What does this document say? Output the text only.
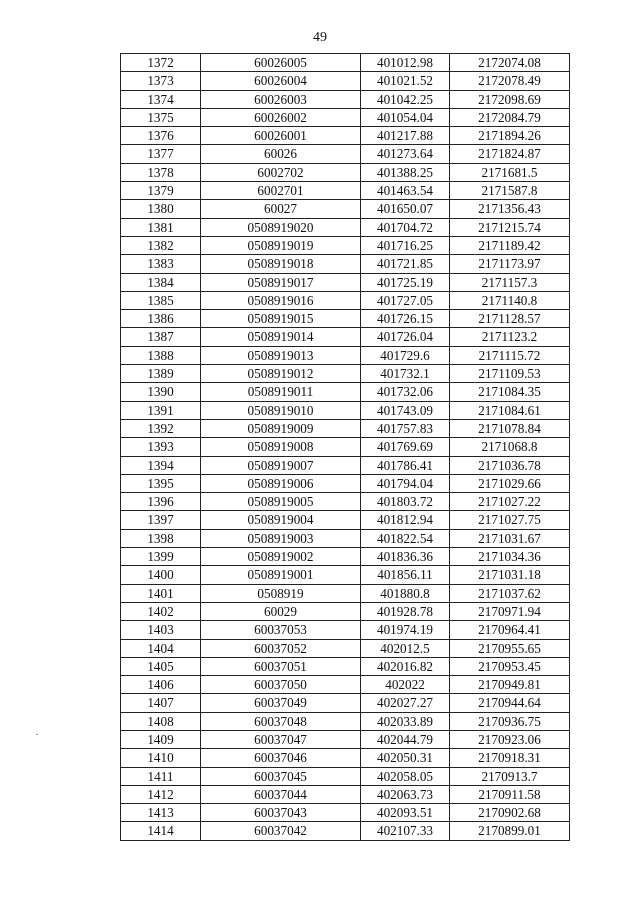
49
1372	60026005	401012.98	2172074.08
1373	60026004	401021.52	2172078.49
1374	60026003	401042.25	2172098.69
1375	60026002	401054.04	2172084.79
1376	60026001	401217.88	2171894.26
1377	60026	401273.64	2171824.87
1378	6002702	401388.25	2171681.5
1379	6002701	401463.54	2171587.8
1380	60027	401650.07	2171356.43
1381	0508919020	401704.72	2171215.74
1382	0508919019	401716.25	2171189.42
1383	0508919018	401721.85	2171173.97
1384	0508919017	401725.19	2171157.3
1385	0508919016	401727.05	2171140.8
1386	0508919015	401726.15	2171128.57
1387	0508919014	401726.04	2171123.2
1388	0508919013	401729.6	2171115.72
1389	0508919012	401732.1	2171109.53
1390	0508919011	401732.06	2171084.35
1391	0508919010	401743.09	2171084.61
1392	0508919009	401757.83	2171078.84
1393	0508919008	401769.69	2171068.8
1394	0508919007	401786.41	2171036.78
1395	0508919006	401794.04	2171029.66
1396	0508919005	401803.72	2171027.22
1397	0508919004	401812.94	2171027.75
1398	0508919003	401822.54	2171031.67
1399	0508919002	401836.36	2171034.36
1400	0508919001	401856.11	2171031.18
1401	0508919	401880.8	2171037.62
1402	60029	401928.78	2170971.94
1403	60037053	401974.19	2170964.41
1404	60037052	402012.5	2170955.65
1405	60037051	402016.82	2170953.45
1406	60037050	402022	2170949.81
1407	60037049	402027.27	2170944.64
1408	60037048	402033.89	2170936.75
1409	60037047	402044.79	2170923.06
1410	60037046	402050.31	2170918.31
1411	60037045	402058.05	2170913.7
1412	60037044	402063.73	2170911.58
1413	60037043	402093.51	2170902.68
1414	60037042	402107.33	2170899.01
